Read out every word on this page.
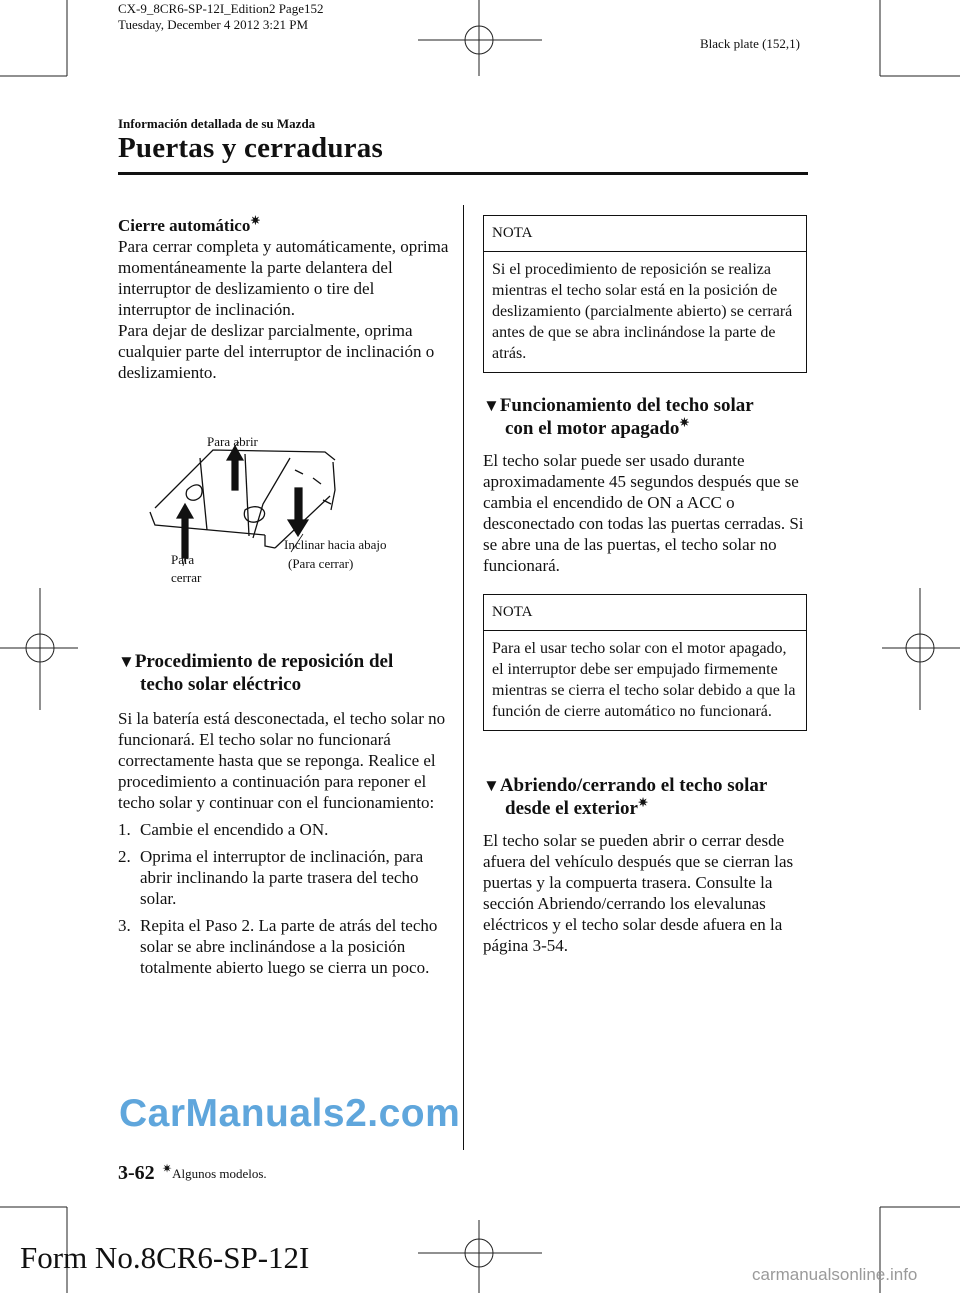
CX-9_8CR6-SP-12I_Edition2 Page152
Tuesday, December 4 2012 3:21 PM
Black plate (152,1)
Información detallada de su Mazda
Puertas y cerraduras
Cierre automático✷

Para cerrar completa y automáticamente, oprima momentáneamente la parte delantera del interruptor de deslizamiento o tire del interruptor de inclinación.

Para dejar de deslizar parcialmente, oprima cualquier parte del interruptor de inclinación o deslizamiento.

Para abrir
Para
cerrar
Inclinar hacia abajo
(Para cerrar)
▼Procedimiento de reposición del
techo solar eléctrico

Si la batería está desconectada, el techo solar no funcionará. El techo solar no funcionará correctamente hasta que se reponga. Realice el procedimiento a continuación para reponer el techo solar y continuar con el funcionamiento:

1. Cambie el encendido a ON.
2. Oprima el interruptor de inclinación, para abrir inclinando la parte trasera del techo solar.
3. Repita el Paso 2. La parte de atrás del techo solar se abre inclinándose a la posición totalmente abierto luego se cierra un poco.
NOTA
Si el procedimiento de reposición se realiza mientras el techo solar está en la posición de deslizamiento (parcialmente abierto) se cerrará antes de que se abra inclinándose la parte de atrás.
▼Funcionamiento del techo solar
con el motor apagado✷

El techo solar puede ser usado durante aproximadamente 45 segundos después que se cambia el encendido de ON a ACC o desconectado con todas las puertas cerradas. Si se abre una de las puertas, el techo solar no funcionará.

NOTA
Para el usar techo solar con el motor apagado, el interruptor debe ser empujado firmemente mientras se cierra el techo solar debido a que la función de cierre automático no funcionará.
▼Abriendo/cerrando el techo solar
desde el exterior✷

El techo solar se pueden abrir o cerrar desde afuera del vehículo después que se cierran las puertas y la compuerta trasera. Consulte la sección Abriendo/cerrando los elevalunas eléctricos y el techo solar desde afuera en la página 3-54.

CarManuals2.com
3-62 ✷Algunos modelos.
Form No.8CR6-SP-12I	carmanualsonline.info
